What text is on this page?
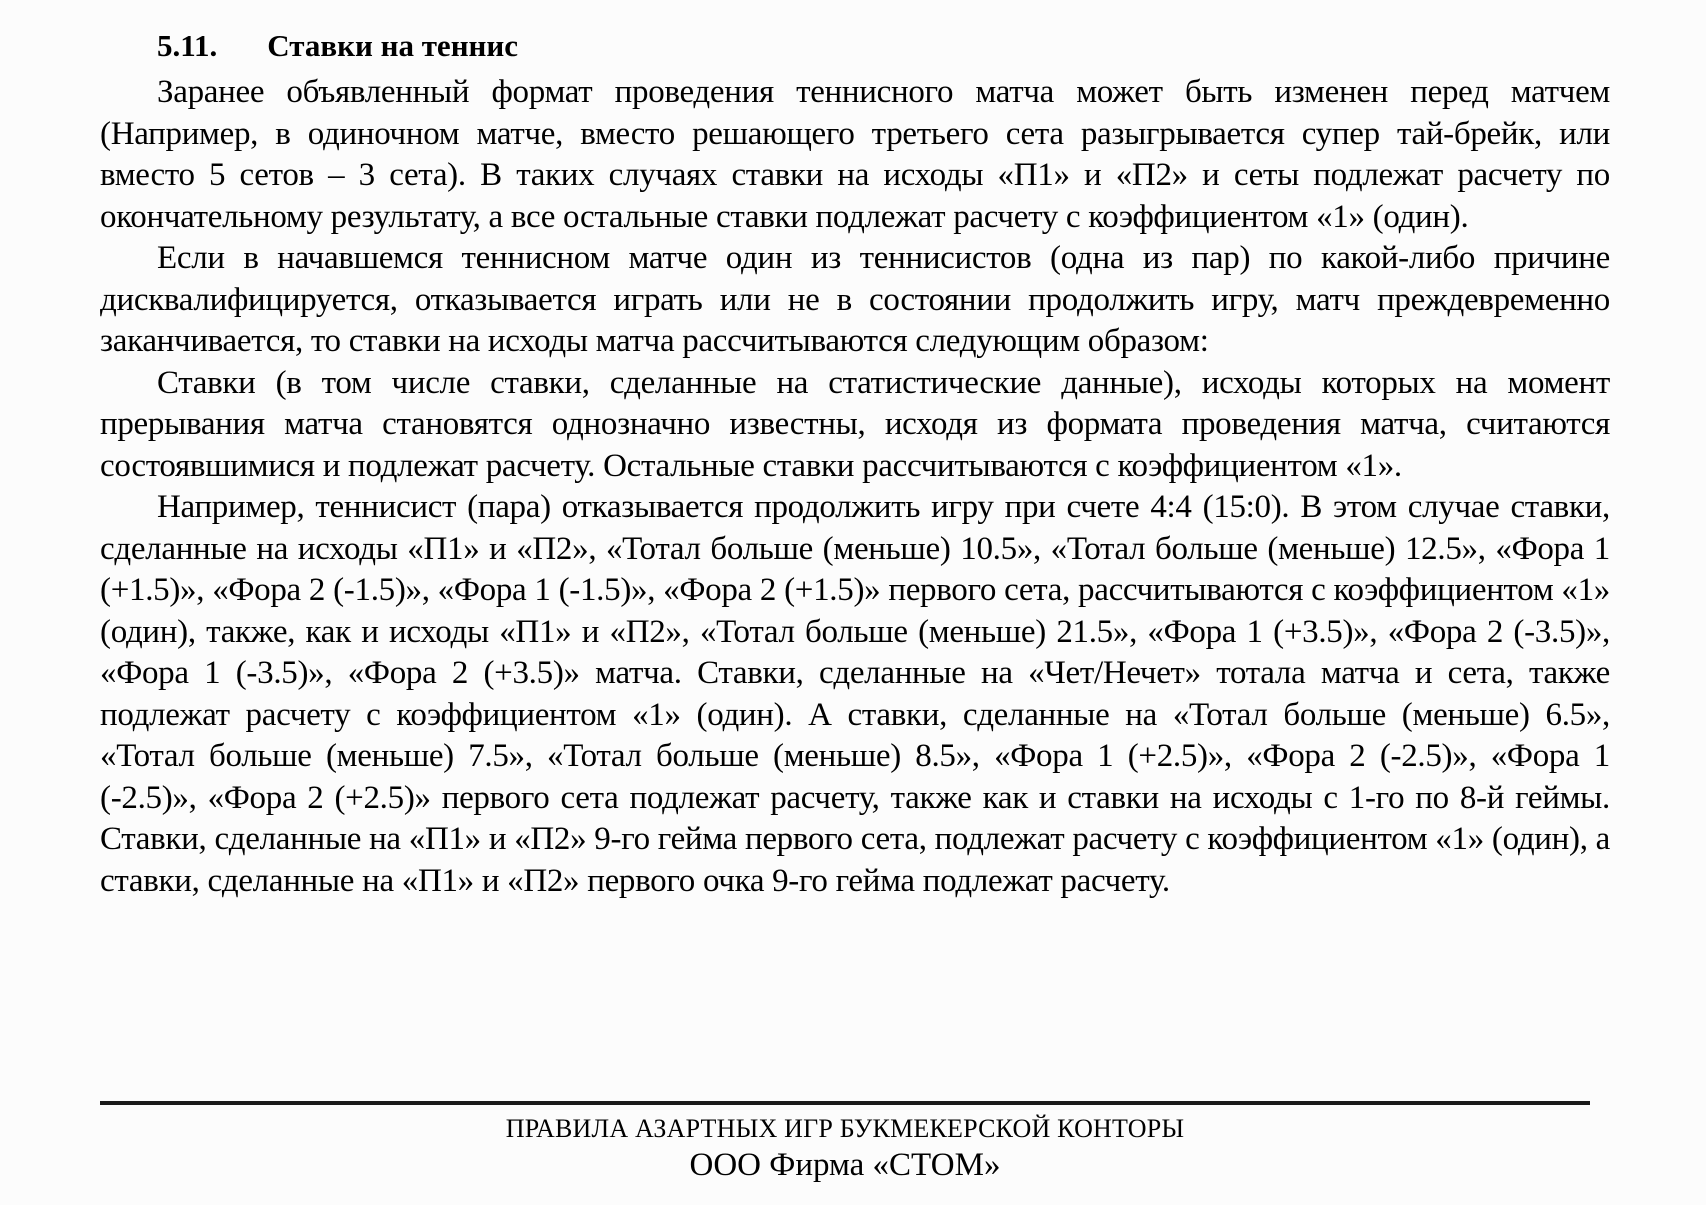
5.11. Ставки на теннис

Заранее объявленный формат проведения теннисного матча может быть изменен перед матчем (Например, в одиночном матче, вместо решающего третьего сета разыгрывается супер тай-брейк, или вместо 5 сетов – 3 сета). В таких случаях ставки на исходы «П1» и «П2» и сеты подлежат расчету по окончательному результату, а все остальные ставки подлежат расчету с коэффициентом «1» (один).

Если в начавшемся теннисном матче один из теннисистов (одна из пар) по какой-либо причине дисквалифицируется, отказывается играть или не в состоянии продолжить игру, матч преждевременно заканчивается, то ставки на исходы матча рассчитываются следующим образом:

Ставки (в том числе ставки, сделанные на статистические данные), исходы которых на момент прерывания матча становятся однозначно известны, исходя из формата проведения матча, считаются состоявшимися и подлежат расчету. Остальные ставки рассчитываются с коэффициентом «1».

Например, теннисист (пара) отказывается продолжить игру при счете 4:4 (15:0). В этом случае ставки, сделанные на исходы «П1» и «П2», «Тотал больше (меньше) 10.5», «Тотал больше (меньше) 12.5», «Фора 1 (+1.5)», «Фора 2 (-1.5)», «Фора 1 (-1.5)», «Фора 2 (+1.5)» первого сета, рассчитываются с коэффициентом «1» (один), также, как и исходы «П1» и «П2», «Тотал больше (меньше) 21.5», «Фора 1 (+3.5)», «Фора 2 (-3.5)», «Фора 1 (-3.5)», «Фора 2 (+3.5)» матча. Ставки, сделанные на «Чет/Нечет» тотала матча и сета, также подлежат расчету с коэффициентом «1» (один). А ставки, сделанные на «Тотал больше (меньше) 6.5», «Тотал больше (меньше) 7.5», «Тотал больше (меньше) 8.5», «Фора 1 (+2.5)», «Фора 2 (-2.5)», «Фора 1 (-2.5)», «Фора 2 (+2.5)» первого сета подлежат расчету, также как и ставки на исходы с 1-го по 8-й геймы. Ставки, сделанные на «П1» и «П2» 9-го гейма первого сета, подлежат расчету с коэффициентом «1» (один), а ставки, сделанные на «П1» и «П2» первого очка 9-го гейма подлежат расчету.

ПРАВИЛА АЗАРТНЫХ ИГР БУКМЕКЕРСКОЙ КОНТОРЫ
ООО Фирма «СТОМ»
